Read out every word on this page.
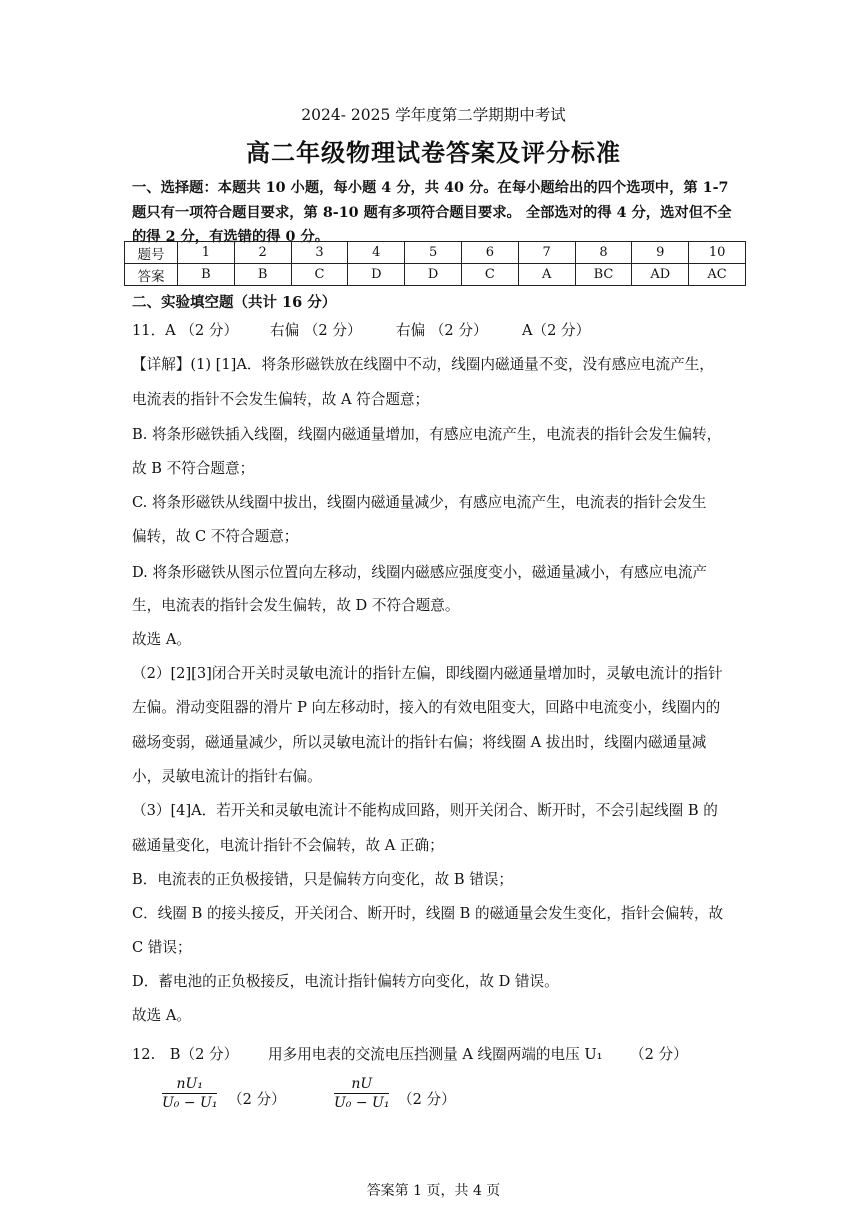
2024- 2025 学年度第二学期期中考试
高二年级物理试卷答案及评分标准
一、选择题：本题共 10 小题，每小题 4 分，共 40 分。在每小题给出的四个选项中，第 1-7 题只有一项符合题目要求，第 8-10 题有多项符合题目要求。 全部选对的得 4 分，选对但不全的得 2 分，有选错的得 0 分。
题号	1	2	3	4	5	6	7	8	9	10
答案	B	B	C	D	D	C	A	BC	AD	AC
二、实验填空题（共计 16 分）
11．A （2 分） 右偏 （2 分） 右偏 （2 分） A（2 分）
【详解】(1) [1]A．将条形磁铁放在线圈中不动，线圈内磁通量不变，没有感应电流产生，
电流表的指针不会发生偏转，故 A 符合题意；
B. 将条形磁铁插入线圈，线圈内磁通量增加，有感应电流产生，电流表的指针会发生偏转，
故 B 不符合题意；
C. 将条形磁铁从线圈中拔出，线圈内磁通量减少，有感应电流产生，电流表的指针会发生
偏转，故 C 不符合题意；
D. 将条形磁铁从图示位置向左移动，线圈内磁感应强度变小，磁通量减小，有感应电流产
生，电流表的指针会发生偏转，故 D 不符合题意。
故选 A。
（2）[2][3]闭合开关时灵敏电流计的指针左偏，即线圈内磁通量增加时，灵敏电流计的指针
左偏。滑动变阻器的滑片 P 向左移动时，接入的有效电阻变大，回路中电流变小，线圈内的
磁场变弱，磁通量减少，所以灵敏电流计的指针右偏；将线圈 A 拔出时，线圈内磁通量减
小，灵敏电流计的指针右偏。
（3）[4]A．若开关和灵敏电流计不能构成回路，则开关闭合、断开时，不会引起线圈 B 的
磁通量变化，电流计指针不会偏转，故 A 正确；
B．电流表的正负极接错，只是偏转方向变化，故 B 错误；
C．线圈 B 的接头接反，开关闭合、断开时，线圈 B 的磁通量会发生变化，指针会偏转，故
C 错误；
D．蓄电池的正负极接反，电流计指针偏转方向变化，故 D 错误。
故选 A。
12.　B（2 分） 用多用电表的交流电压挡测量 A 线圈两端的电压 U₁ （2 分）
$\frac{\text{nU₁}}{\text{U₀ − U₁}} (2$ 分）	$\frac{nU}{\text{U₀ − U₁}} (2$ 分）
答案第 1 页，共 4 页
